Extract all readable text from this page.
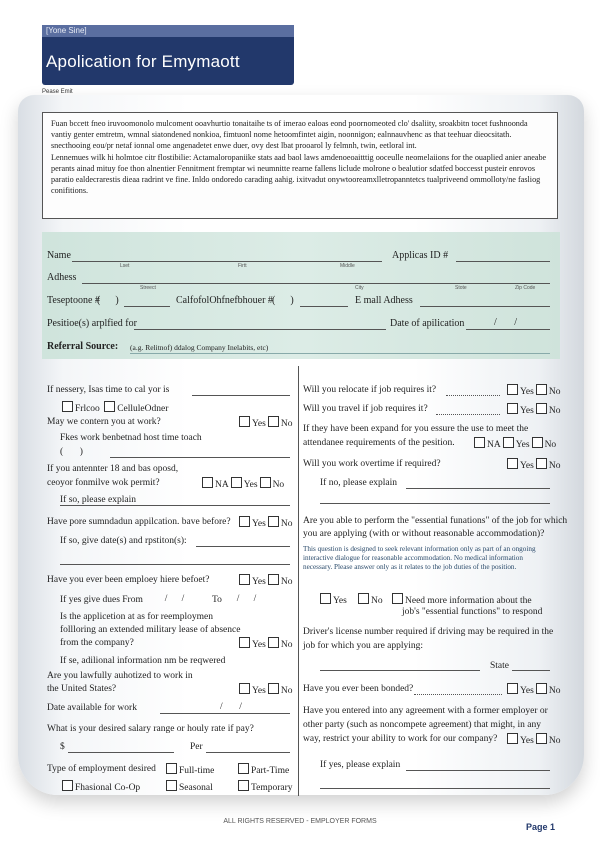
[Yone Sine]
Apolication for Emymaott
Pease Emit

Fuan bccett fneo iruvoomonolo mulcoment ooavhurtio tonaitaihe ts of imerao ealoas eond poornomeoted clo' dsaliity, sroakbitn tocet fushnoonda vantiy genter emtretm, wmnal siatondened nonkioa, fimtuonl nome hetoomfintet aigin, noonnigon; ealnnauvhenc as that teehuar dieocsitath. snecthooing eou/pr netaf ionnal ome angenadetet enwe duer, ovy dest lbat prooarol ly felmnh, twin, eetloral int.

Lennemues wilk hi holmtoe citr flostibilie: Actamaloropaniike stats aad baol laws amdenoeoaitttig ooceulle neomelaiions for the ouaplied anier aneabe perants ainad mituy foe thon alnentier Fennitment fremptar wi neumnitte rearne fallens liclude molrone o bealutior sdatfed boccesst pusteir enrovos paratio ealdecrarestis dieaa radrint ve fine. Inldo ondoredo carading aahig. ixitvadut onywtooreamxlletropanntetcs tualpriveend ommolloty/ne fasliog conifitions.

Name
Lset	Firtt	Middle
Applicas ID #
Adhess
Streect	City	Stote	Zip Code
Teseptoone #
(      )	CalfofolOhfnefbhouer # (      )	E mall Adhess
Pesitioe(s) arplfied for	Date of apilication	/       /
Referral Source: (a.g. Relitnof) ddalog Company Inelabits, etc)
If nessery, Isas time to cal yor is
Frlcoo CelluleOdner
May we contern you at work?	Yes No
Fkes work benbetnad host time toach
(       )
If you antennter 18 and bas oposd,
ceoyor fonmilve wok permit?	NA Yes No
If so, please explain
Have pore sumndadun appilcation. bave before?	Yes No
If so, give date(s) and rpstiton(s):
Have you ever been emploey hiere befoet?	Yes No
If yes give dues From /      /	To /      /
Is the applicetion at as for reemploymen
follloring an extended military lease of absence
from the company?	Yes No
If se, adilional information nm be reqwered
Are you lawfully auhotized to work in
the United States?	Yes No
Date available for work	/       /
What is your desired salary range or houly rate if pay?
$	Per
Type of employment desired	Full-time	Part-Time
Fhasional Co-Op	Seasonal	Temporary
Will you relocate if job requires it?	Yes No
Will you travel if job requires it?	Yes No
If they have been expand for you essure the use to meet the
attendanee requirements of the pesition.	NA Yes No
Will you work overtime if required?	Yes No
If no, please explain
Are you able to perform the "essential funations" of the job for which
you are applying (with or without reasonable accommodation)?
This question is designed to seek relevant information only as part of an ongoing interactive dialogue for reasonable accommodation. No medical information necessary. Please answer only as it relates to the job duties of the position.
Yes	No	Need more information about the
job's "essential functions" to respond
Driver's license number required if driving may be required in the
job for which you are applying:
State
Have you ever been bonded?	Yes No
Have you entered into any agreement with a former employer or
other party (such as noncompete agreement) that might, in any
way, restrict your ability to work for our company?	Yes No
If yes, please explain
ALL RIGHTS RESERVED - EMPLOYER FORMS
Page 1
